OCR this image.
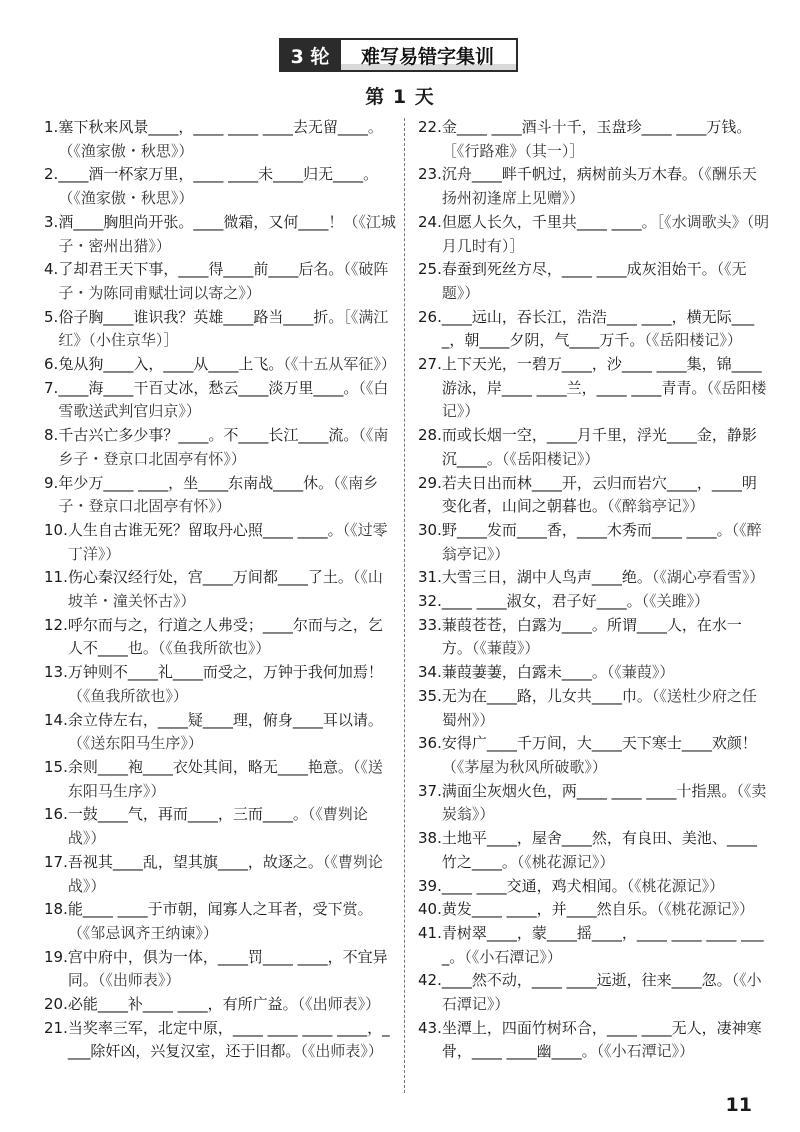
3 轮	难写易错字集训
第 1 天
1. 塞下秋来风景____，____ ____ ____去无留____。（《渔家傲・秋思》）
2. ____酒一杯家万里，____ ____未____归无____。（《渔家傲・秋思》）
3. 酒____胸胆尚开张。____微霜，又何____！（《江城子・密州出猎》）
4. 了却君王天下事，____得____前____后名。（《破阵子・为陈同甫赋壮词以寄之》）
5. 俗子胸____谁识我？英雄____路当____折。［《满江红》（小住京华）］
6. 兔从狗____入，____从____上飞。（《十五从军征》）
7. ____海____干百丈冰，愁云____淡万里____。（《白雪歌送武判官归京》）
8. 千古兴亡多少事？____。不____长江____流。（《南乡子・登京口北固亭有怀》）
9. 年少万____ ____，坐____东南战____休。（《南乡子・登京口北固亭有怀》）
10. 人生自古谁无死？留取丹心照____ ____。（《过零丁洋》）
11. 伤心秦汉经行处，宫____万间都____了土。（《山坡羊・潼关怀古》）
12. 呼尔而与之，行道之人弗受；____尔而与之，乞人不____也。（《鱼我所欲也》）
13. 万钟则不____礼____而受之，万钟于我何加焉！（《鱼我所欲也》）
14. 余立侍左右，____疑____理，俯身____耳以请。（《送东阳马生序》）
15. 余则____袍____衣处其间，略无____艳意。（《送东阳马生序》）
16. 一鼓____气，再而____，三而____。（《曹刿论战》）
17. 吾视其____乱，望其旗____，故逐之。（《曹刿论战》）
18. 能____ ____于市朝，闻寡人之耳者，受下赏。（《邹忌讽齐王纳谏》）
19. 宫中府中，俱为一体，____罚____ ____，不宜异同。（《出师表》）
20. 必能____补____ ____，有所广益。（《出师表》）
21. 当奖率三军，北定中原，____ ____ ____ ____，____除奸凶，兴复汉室，还于旧都。（《出师表》）
22. 金____ ____酒斗十千，玉盘珍____ ____万钱。［《行路难》（其一）］
23. 沉舟____畔千帆过，病树前头万木春。（《酬乐天扬州初逢席上见赠》）
24. 但愿人长久，千里共____ ____。［《水调歌头》（明月几时有）］
25. 春蚕到死丝方尽，____ ____成灰泪始干。（《无题》）
26. ____远山，吞长江，浩浩____ ____，横无际____，朝____夕阴，气____万千。（《岳阳楼记》）
27. 上下天光，一碧万____，沙____ ____集，锦____游泳，岸____ ____兰，____ ____青青。（《岳阳楼记》）
28. 而或长烟一空，____月千里，浮光____金，静影沉____。（《岳阳楼记》）
29. 若夫日出而林____开，云归而岩穴____，____明变化者，山间之朝暮也。（《醉翁亭记》）
30. 野____发而____香，____木秀而____ ____。（《醉翁亭记》）
31. 大雪三日，湖中人鸟声____绝。（《湖心亭看雪》）
32. ____ ____淑女，君子好____。（《关雎》）
33. 蒹葭苍苍，白露为____。所谓____人，在水一方。（《蒹葭》）
34. 蒹葭萋萋，白露未____。（《蒹葭》）
35. 无为在____路，儿女共____巾。（《送杜少府之任蜀州》）
36. 安得广____千万间，大____天下寒士____欢颜！（《茅屋为秋风所破歌》）
37. 满面尘灰烟火色，两____ ____ ____十指黑。（《卖炭翁》）
38. 土地平____，屋舍____然，有良田、美池、____竹之____。（《桃花源记》）
39. ____ ____交通，鸡犬相闻。（《桃花源记》）
40. 黄发____ ____，并____然自乐。（《桃花源记》）
41. 青树翠____，蒙____摇____，____ ____ ____ ____。（《小石潭记》）
42. ____然不动，____ ____远逝，往来____忽。（《小石潭记》）
43. 坐潭上，四面竹树环合，____ ____无人，凄神寒骨，____ ____幽____。（《小石潭记》）
11
